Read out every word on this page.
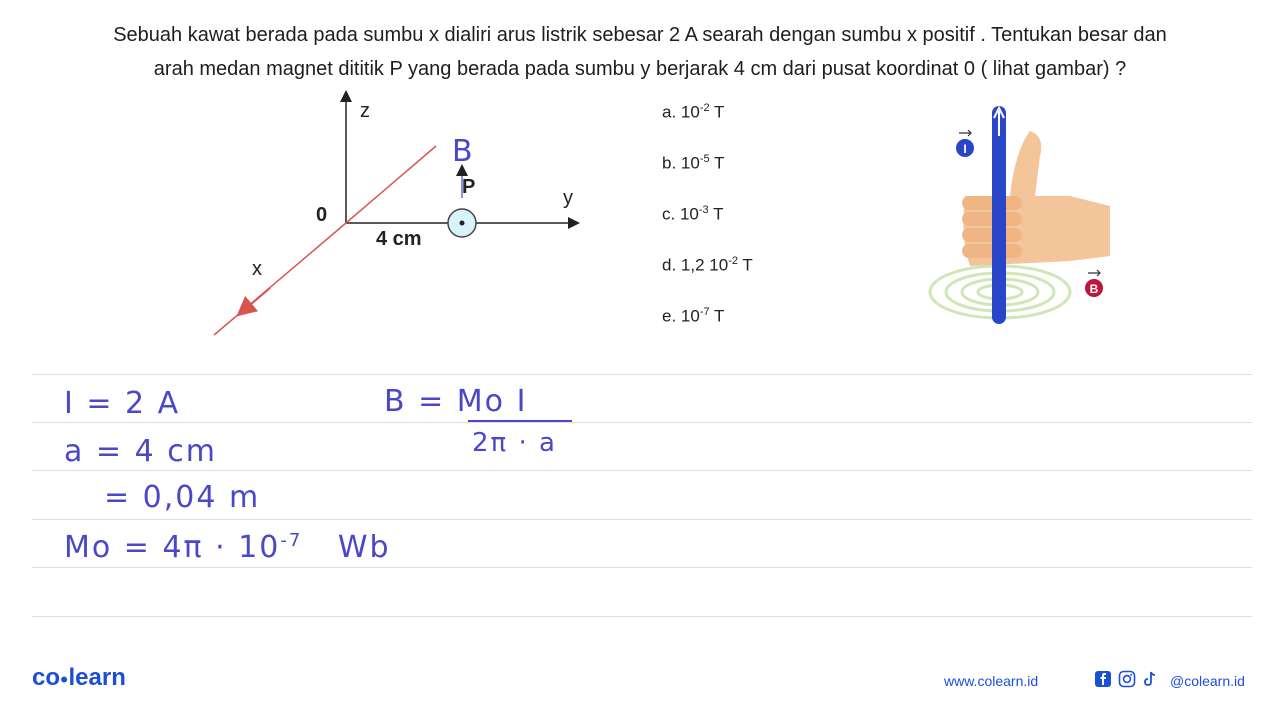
Sebuah kawat berada pada sumbu x dialiri arus listrik sebesar 2 A searah dengan sumbu x positif . Tentukan besar dan
arah medan magnet dititik P yang berada pada sumbu y berjarak 4 cm dari pusat koordinat 0 ( lihat gambar) ?
z
y
x
0
4 cm
P
B
a. $10^{-2}$ T
b. $10^{-5}$ T
c. $10^{-3}$ T
d. 1,2 $10^{-2}$ T
e. $10^{-7}$ T
I
B
I = 2 A
a = 4 cm
= 0,04 m
$Mo = 4\pi \cdot 10^{-7}$ Wb
B = Mo I
2π · a
co●learn	www.colearn.id	@colearn.id
